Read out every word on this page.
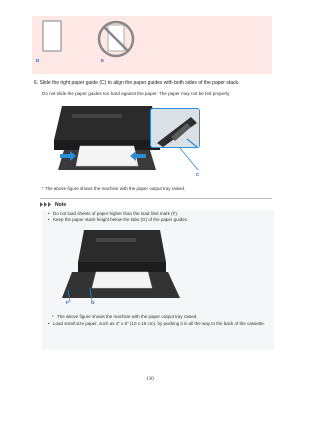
D	E
6. Slide the right paper guide (C) to align the paper guides with both sides of the paper stack.
Do not slide the paper guides too hard against the paper. The paper may not be fed properly.
C
* The above figure shows the machine with the paper output tray raised.
Note
• Do not load sheets of paper higher than the load limit mark (F).
• Keep the paper stack height below the tabs (G) of the paper guides.
F	G
* The above figure shows the machine with the paper output tray raised.
• Load small size paper, such as 4" x 6" (10 x 15 cm), by pushing it in all the way to the back of the cassette.
130
